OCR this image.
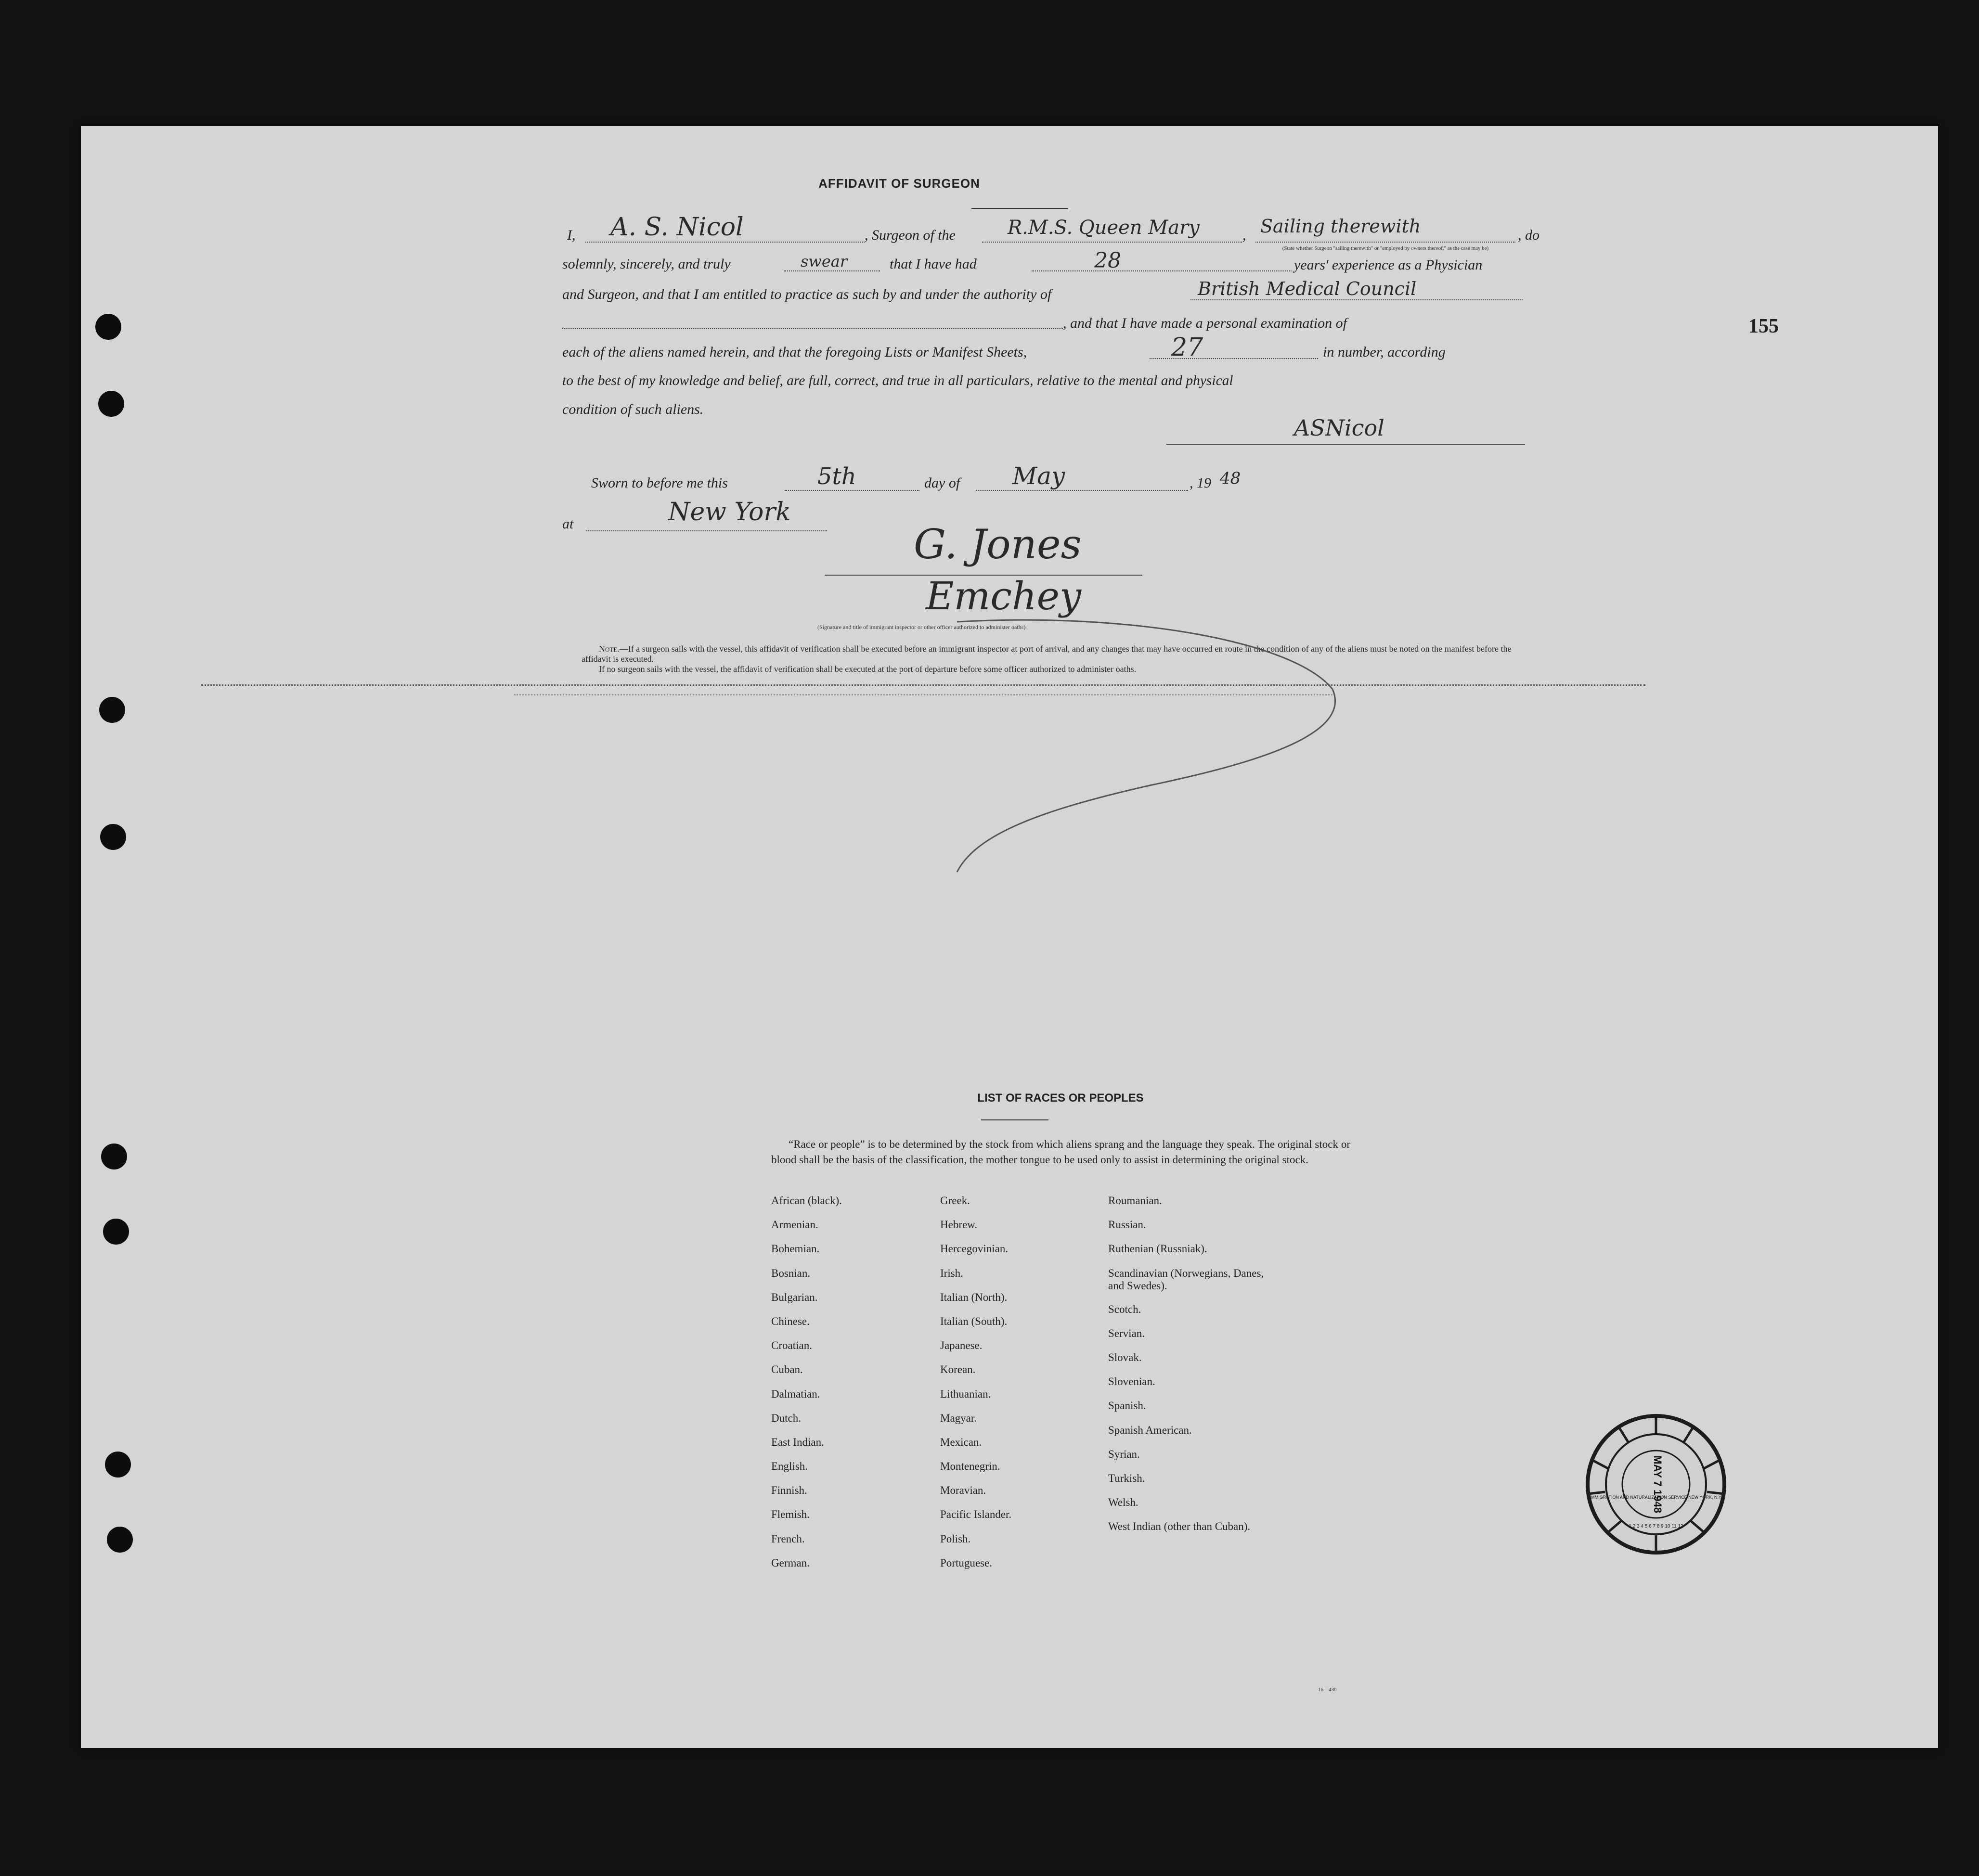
155
AFFIDAVIT OF SURGEON
I, A. S. Nicol	, Surgeon of the	R.M.S. Queen Mary	, Sailing therewith	, do
(State whether Surgeon "sailing therewith" or "employed by owners thereof," as the case may be)
solemnly, sincerely, and truly	swear	that I have had	28	years' experience as a Physician
and Surgeon, and that I am entitled to practice as such by and under the authority of	British Medical Council
, and that I have made a personal examination of
each of the aliens named herein, and that the foregoing Lists or Manifest Sheets,	27	in number, according
to the best of my knowledge and belief, are full, correct, and true in all particulars, relative to the mental and physical
condition of such aliens.
ASNicol
Sworn to before me this	5th	day of May	, 19 48
at	New York
G. Jones
Emchey
(Signature and title of immigrant inspector or other officer authorized to administer oaths)

Note.—If a surgeon sails with the vessel, this affidavit of verification shall be executed before an immigrant inspector at port of arrival, and any changes that may have occurred en route in the condition of any of the aliens must be noted on the manifest before the affidavit is executed.

If no surgeon sails with the vessel, the affidavit of verification shall be executed at the port of departure before some officer authorized to administer oaths.

LIST OF RACES OR PEOPLES
“Race or people” is to be determined by the stock from which aliens sprang and the language they speak. The original stock or blood shall be the basis of the classification, the mother tongue to be used only to assist in determining the original stock.
African (black).
Armenian.
Bohemian.
Bosnian.
Bulgarian.
Chinese.
Croatian.
Cuban.
Dalmatian.
Dutch.
East Indian.
English.
Finnish.
Flemish.
French.
German.
Greek.
Hebrew.
Hercegovinian.
Irish.
Italian (North).
Italian (South).
Japanese.
Korean.
Lithuanian.
Magyar.
Mexican.
Montenegrin.
Moravian.
Pacific Islander.
Polish.
Portuguese.
Roumanian.
Russian.
Ruthenian (Russniak).
Scandinavian (Norwegians, Danes, and Swedes).
Scotch.
Servian.
Slovak.
Slovenian.
Spanish.
Spanish American.
Syrian.
Turkish.
Welsh.
West Indian (other than Cuban).
16—430
MAY 7 1948
IMMIGRATION AND NATURALIZATION SERVICE NEW YORK, N.Y.
1 2 3 4 5 6 7 8 9 10 11 12
